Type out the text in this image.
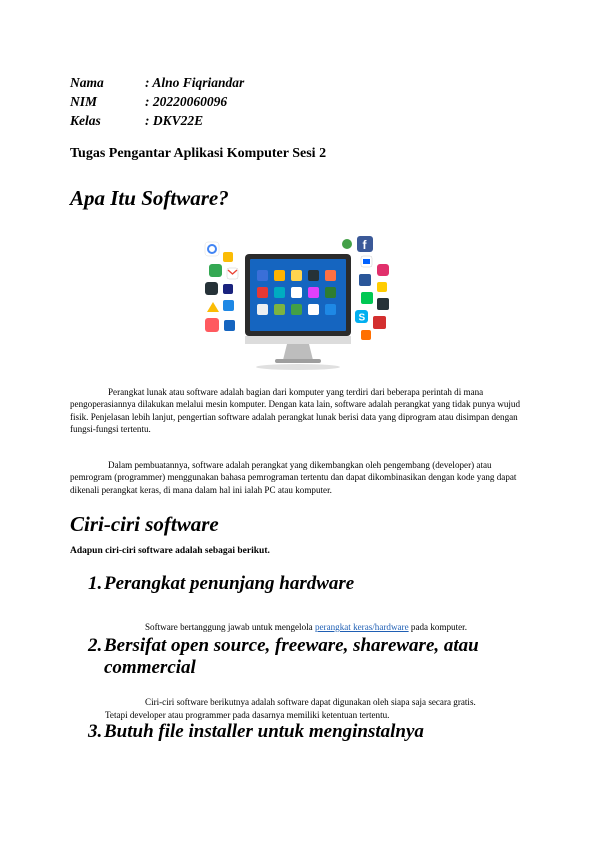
Nama	: Alno Fiqriandar
NIM	: 20220060096
Kelas	: DKV22E
Tugas Pengantar Aplikasi Komputer Sesi 2
Apa Itu Software?
f
S

Perangkat lunak atau software adalah bagian dari komputer yang terdiri dari beberapa perintah di mana pengoperasiannya dilakukan melalui mesin komputer. Dengan kata lain, software adalah perangkat yang tidak punya wujud fisik. Penjelasan lebih lanjut, pengertian software adalah perangkat lunak berisi data yang diprogram atau disimpan dengan fungsi-fungsi tertentu.

Dalam pembuatannya, software adalah perangkat yang dikembangkan oleh pengembang (developer) atau pemrogram (programmer) menggunakan bahasa pemrograman tertentu dan dapat dikombinasikan dengan kode yang dapat dikenali perangkat keras, di mana dalam hal ini ialah PC atau komputer.

Ciri-ciri software

Adapun ciri-ciri software adalah sebagai berikut.

1. Perangkat penunjang hardware

Software bertanggung jawab untuk mengelola perangkat keras/hardware pada komputer.

2. Bersifat open source, freeware, shareware, atau commercial

Ciri-ciri software berikutnya adalah software dapat digunakan oleh siapa saja secara gratis.

Tetapi developer atau programmer pada dasarnya memiliki ketentuan tertentu.

3. Butuh file installer untuk menginstalnya
